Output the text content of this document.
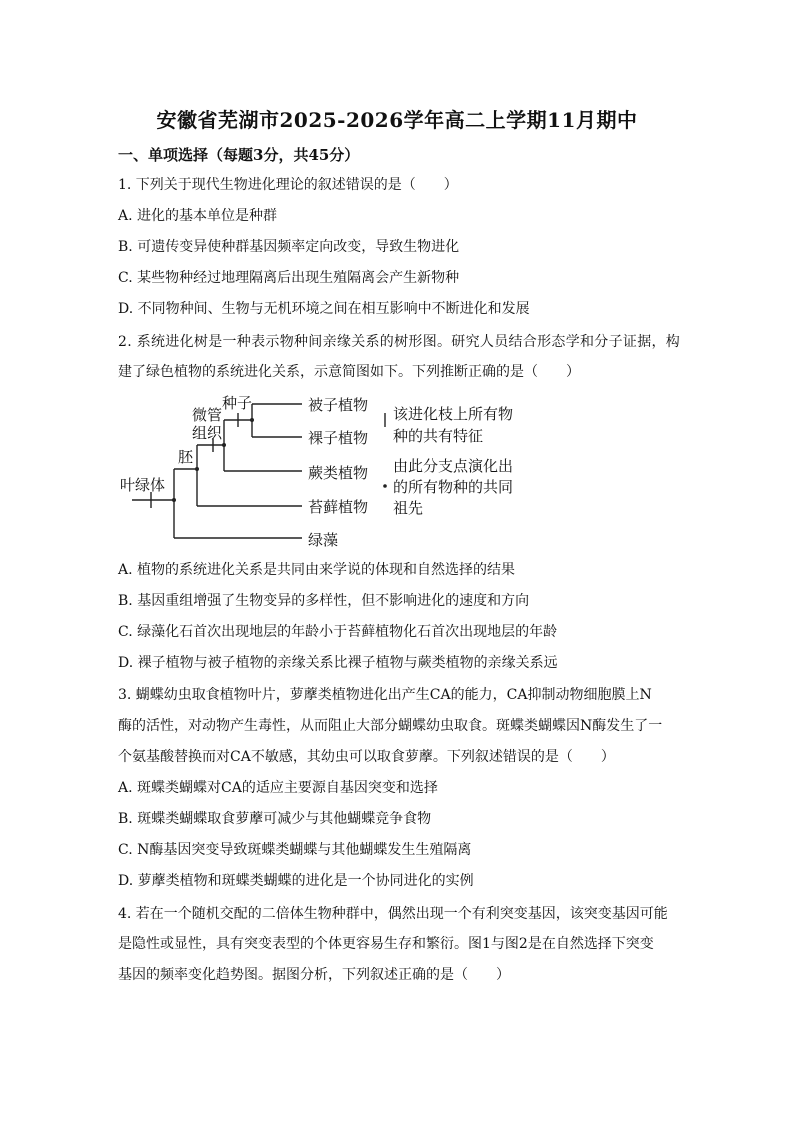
安徽省芜湖市2025-2026学年高二上学期11月期中
一、单项选择（每题3分，共45分）
1. 下列关于现代生物进化理论的叙述错误的是（　　）
A. 进化的基本单位是种群
B. 可遗传变异使种群基因频率定向改变，导致生物进化
C. 某些物种经过地理隔离后出现生殖隔离会产生新物种
D. 不同物种间、生物与无机环境之间在相互影响中不断进化和发展
2. 系统进化树是一种表示物种间亲缘关系的树形图。研究人员结合形态学和分子证据，构
建了绿色植物的系统进化关系，示意简图如下。下列推断正确的是（　　）
种子
微管
组织
胚
叶绿体
被子植物
裸子植物
蕨类植物
苔藓植物
绿藻
该进化枝上所有物
种的共有特征
由此分支点演化出
的所有物种的共同
祖先
A. 植物的系统进化关系是共同由来学说的体现和自然选择的结果
B. 基因重组增强了生物变异的多样性，但不影响进化的速度和方向
C. 绿藻化石首次出现地层的年龄小于苔藓植物化石首次出现地层的年龄
D. 裸子植物与被子植物的亲缘关系比裸子植物与蕨类植物的亲缘关系远
3. 蝴蝶幼虫取食植物叶片，萝藦类植物进化出产生CA的能力，CA抑制动物细胞膜上N
酶的活性，对动物产生毒性，从而阻止大部分蝴蝶幼虫取食。斑蝶类蝴蝶因N酶发生了一
个氨基酸替换而对CA不敏感，其幼虫可以取食萝藦。下列叙述错误的是（　　）
A. 斑蝶类蝴蝶对CA的适应主要源自基因突变和选择
B. 斑蝶类蝴蝶取食萝藦可减少与其他蝴蝶竞争食物
C. N酶基因突变导致斑蝶类蝴蝶与其他蝴蝶发生生殖隔离
D. 萝藦类植物和斑蝶类蝴蝶的进化是一个协同进化的实例
4. 若在一个随机交配的二倍体生物种群中，偶然出现一个有利突变基因，该突变基因可能
是隐性或显性，具有突变表型的个体更容易生存和繁衍。图1与图2是在自然选择下突变
基因的频率变化趋势图。据图分析，下列叙述正确的是（　　）
